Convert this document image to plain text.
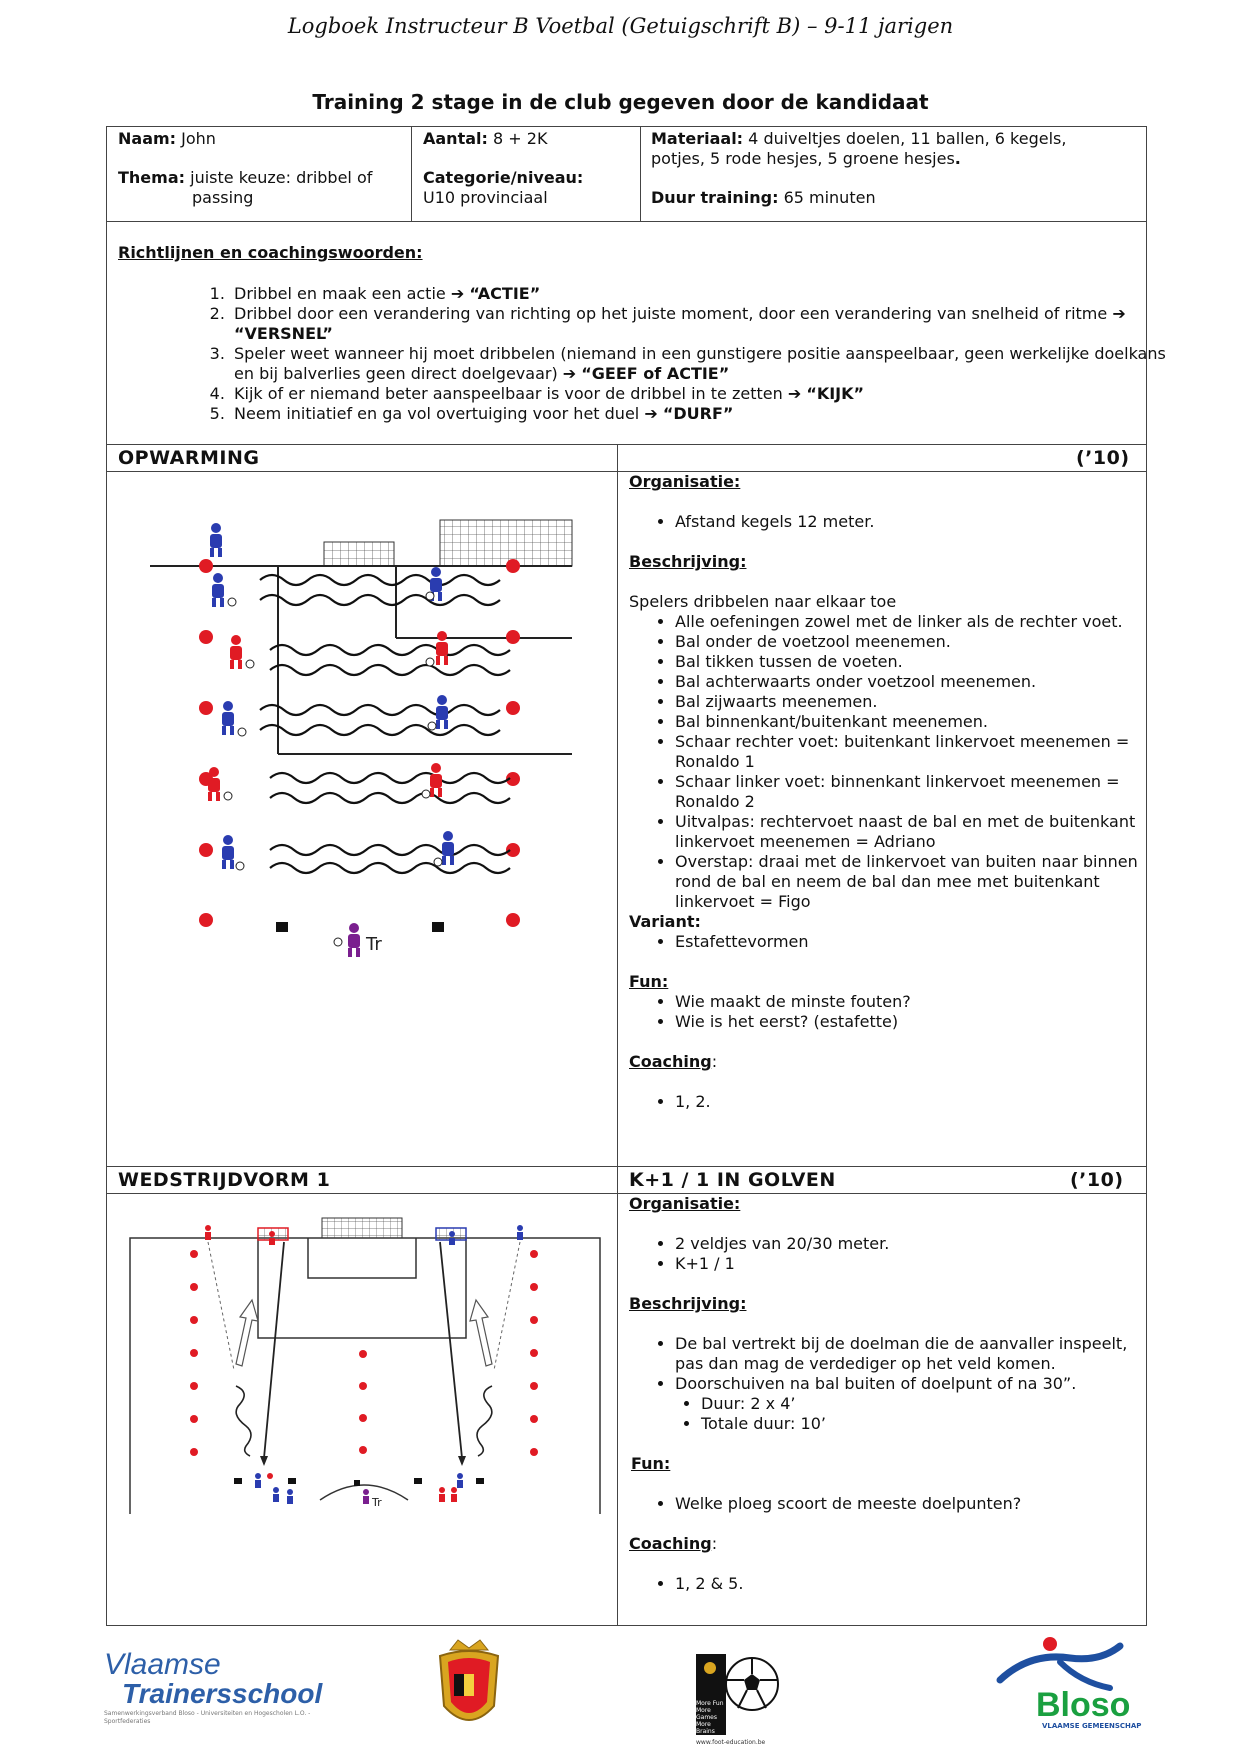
Logboek Instructeur B Voetbal (Getuigschrift B) – 9-11 jarigen
Training 2 stage in de club gegeven door de kandidaat
Naam: John
Thema: juiste keuze: dribbel of
passing
Aantal: 8 + 2K
Categorie/niveau:
U10 provinciaal
Materiaal: 4 duiveltjes doelen, 11 ballen, 6 kegels,
potjes, 5 rode hesjes, 5 groene hesjes.
Duur training: 65 minuten
Richtlijnen en coachingswoorden:
1. Dribbel en maak een actie ➔ “ACTIE”
2. Dribbel door een verandering van richting op het juiste moment, door een verandering van snelheid of ritme ➔ “VERSNEL”
3. Speler weet wanneer hij moet dribbelen (niemand in een gunstigere positie aanspeelbaar, geen werkelijke doelkans en bij balverlies geen direct doelgevaar) ➔ “GEEF of ACTIE”
4. Kijk of er niemand beter aanspeelbaar is voor de dribbel in te zetten ➔ “KIJK”
5. Neem initiatief en ga vol overtuiging voor het duel ➔ “DURF”
OPWARMING	(’10)
Organisatie:
• Afstand kegels 12 meter.
Beschrijving:
Spelers dribbelen naar elkaar toe
• Alle oefeningen zowel met de linker als de rechter voet.
• Bal onder de voetzool meenemen.
• Bal tikken tussen de voeten.
• Bal achterwaarts onder voetzool meenemen.
• Bal zijwaarts meenemen.
• Bal binnenkant/buitenkant meenemen.
• Schaar rechter voet: buitenkant linkervoet meenemen = Ronaldo 1
• Schaar linker voet: binnenkant linkervoet meenemen = Ronaldo 2
• Uitvalpas: rechtervoet naast de bal en met de buitenkant linkervoet meenemen = Adriano
• Overstap: draai met de linkervoet van buiten naar binnen rond de bal en neem de bal dan mee met buitenkant linkervoet = Figo
Variant:
• Estafettevormen
Fun:
• Wie maakt de minste fouten?
• Wie is het eerst? (estafette)
Coaching:
• 1, 2.
Tr
WEDSTRIJDVORM 1	K+1 / 1 IN GOLVEN	(’10)
Organisatie:
• 2 veldjes van 20/30 meter.
• K+1 / 1
Beschrijving:
• De bal vertrekt bij de doelman die de aanvaller inspeelt, pas dan mag de verdediger op het veld komen.
• Doorschuiven na bal buiten of doelpunt of na 30”.
• Duur: 2 x 4’
• Totale duur: 10’
Fun:
• Welke ploeg scoort de meeste doelpunten?
Coaching:
• 1, 2 & 5.
Tr
Vlaamse
Trainersschool
Samenwerkingsverband Bloso - Universiteiten en Hogescholen L.O. - Sportfederaties
More Fun More Games More Brains
www.foot-education.be
Bloso
VLAAMSE GEMEENSCHAP
